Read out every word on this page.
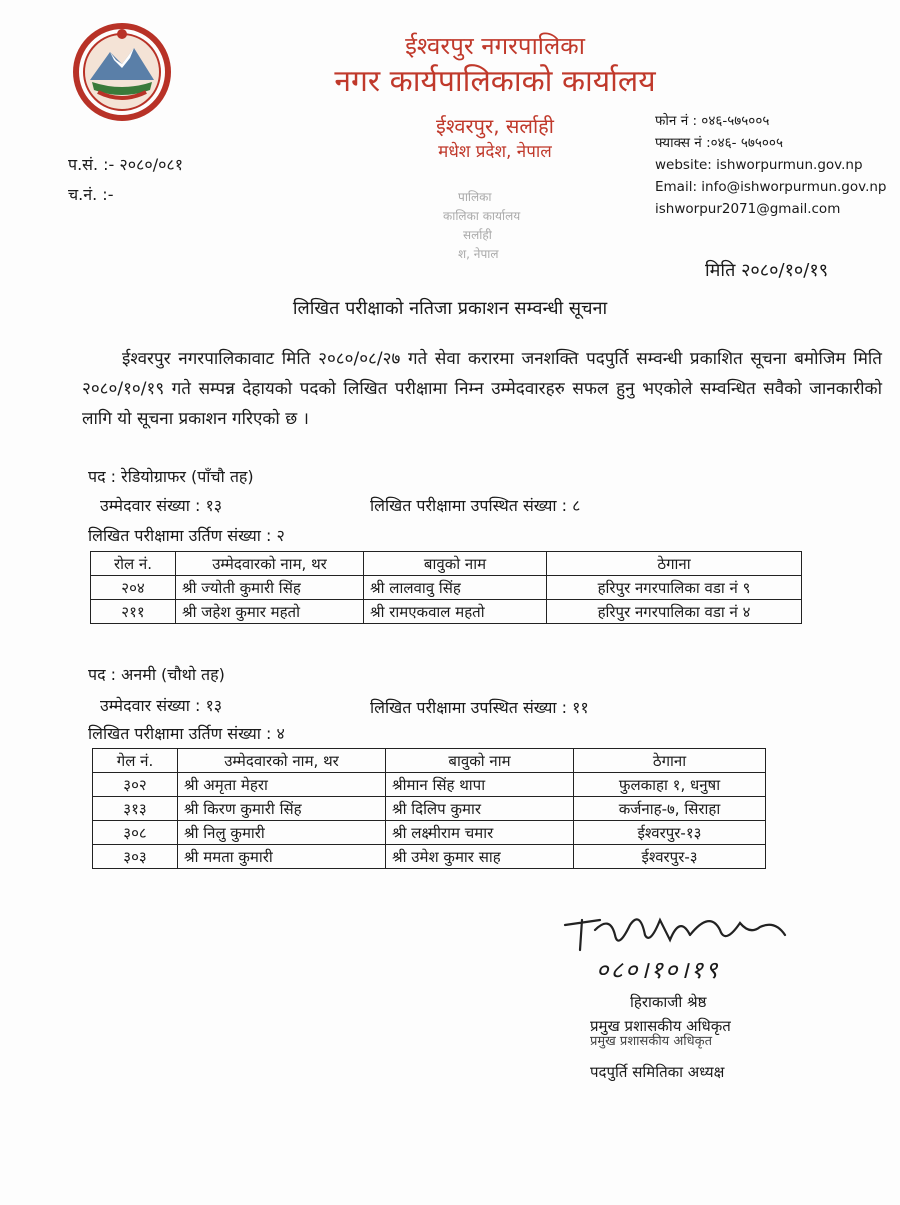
ईश्वरपुर नगरपालिका
नगर कार्यपालिकाको कार्यालय
ईश्वरपुर, सर्लाही
मधेश प्रदेश, नेपाल
फोन नं : ०४६-५७५००५
फ्याक्स नं :०४६- ५७५००५
website: ishworpurmun.gov.np
Email: info@ishworpurmun.gov.np
ishworpur2071@gmail.com
प.सं. :- २०८०/०८१
च.नं. :-	पालिका
कालिका कार्यालय
सर्लाही
श, नेपाल
मिति २०८०/१०/१९
लिखित परीक्षाको नतिजा प्रकाशन सम्वन्धी सूचना
ईश्वरपुर नगरपालिकावाट मिति २०८०/०८/२७ गते सेवा करारमा जनशक्ति पदपुर्ति सम्वन्धी प्रकाशित सूचना बमोजिम मिति २०८०/१०/१९ गते सम्पन्न देहायको पदको लिखित परीक्षामा निम्न उम्मेदवारहरु सफल हुनु भएकोले सम्वन्धित सवैको जानकारीको लागि यो सूचना प्रकाशन गरिएको छ ।
पद : रेडियोग्राफर (पाँचौ तह)
उम्मेदवार संख्या : १३	लिखित परीक्षामा उपस्थित संख्या : ८
लिखित परीक्षामा उर्तिण संख्या : २
रोल नं.	उम्मेदवारको नाम, थर	बावुको नाम	ठेगाना
२०४	श्री ज्योती कुमारी सिंह	श्री लालवावु सिंह	हरिपुर नगरपालिका वडा नं ९
२११	श्री जहेश कुमार महतो	श्री रामएकवाल महतो	हरिपुर नगरपालिका वडा नं ४
पद : अनमी (चौथो तह)
उम्मेदवार संख्या : १३	लिखित परीक्षामा उपस्थित संख्या : ११
लिखित परीक्षामा उर्तिण संख्या : ४
गेल नं.	उम्मेदवारको नाम, थर	बावुको नाम	ठेगाना
३०२	श्री अमृता मेहरा	श्रीमान सिंह थापा	फुलकाहा १, धनुषा
३१३	श्री किरण कुमारी सिंह	श्री दिलिप कुमार	कर्जनाह-७, सिराहा
३०८	श्री निलु कुमारी	श्री लक्ष्मीराम चमार	ईश्वरपुर-१३
३०३	श्री ममता कुमारी	श्री उमेश कुमार साह	ईश्वरपुर-३
०८०।१०।१९
हिराकाजी श्रेष्ठ
प्रमुख प्रशासकीय अधिकृत
प्रमुख प्रशासकीय अधिकृत
पदपुर्ति समितिका अध्यक्ष
